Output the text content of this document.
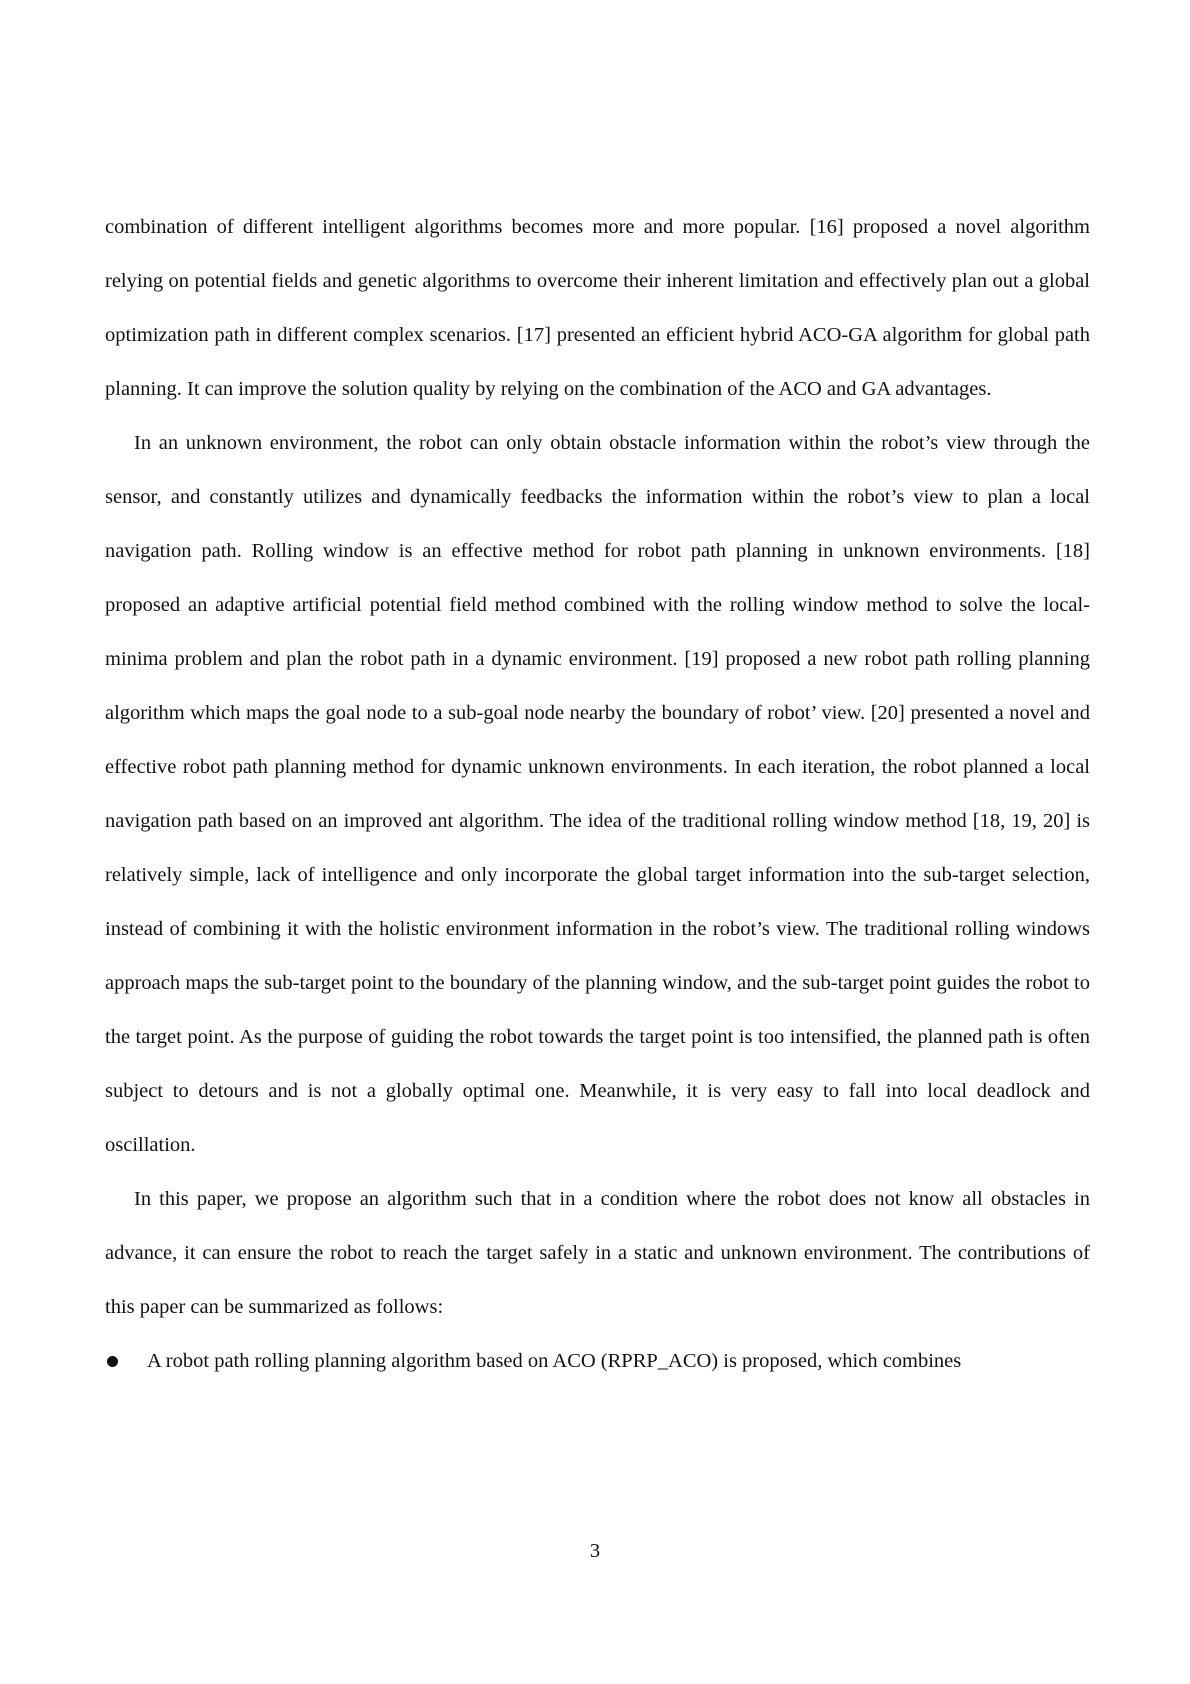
combination of different intelligent algorithms becomes more and more popular. [16] proposed a novel algorithm relying on potential fields and genetic algorithms to overcome their inherent limitation and effectively plan out a global optimization path in different complex scenarios. [17] presented an efficient hybrid ACO-GA algorithm for global path planning. It can improve the solution quality by relying on the combination of the ACO and GA advantages.

In an unknown environment, the robot can only obtain obstacle information within the robot’s view through the sensor, and constantly utilizes and dynamically feedbacks the information within the robot’s view to plan a local navigation path. Rolling window is an effective method for robot path planning in unknown environments. [18] proposed an adaptive artificial potential field method combined with the rolling window method to solve the local-minima problem and plan the robot path in a dynamic environment. [19] proposed a new robot path rolling planning algorithm which maps the goal node to a sub-goal node nearby the boundary of robot’ view. [20] presented a novel and effective robot path planning method for dynamic unknown environments. In each iteration, the robot planned a local navigation path based on an improved ant algorithm. The idea of the traditional rolling window method [18, 19, 20] is relatively simple, lack of intelligence and only incorporate the global target information into the sub-target selection, instead of combining it with the holistic environment information in the robot’s view. The traditional rolling windows approach maps the sub-target point to the boundary of the planning window, and the sub-target point guides the robot to the target point. As the purpose of guiding the robot towards the target point is too intensified, the planned path is often subject to detours and is not a globally optimal one. Meanwhile, it is very easy to fall into local deadlock and oscillation.

In this paper, we propose an algorithm such that in a condition where the robot does not know all obstacles in advance, it can ensure the robot to reach the target safely in a static and unknown environment. The contributions of this paper can be summarized as follows:

A robot path rolling planning algorithm based on ACO (RPRP_ACO) is proposed, which combines
3
